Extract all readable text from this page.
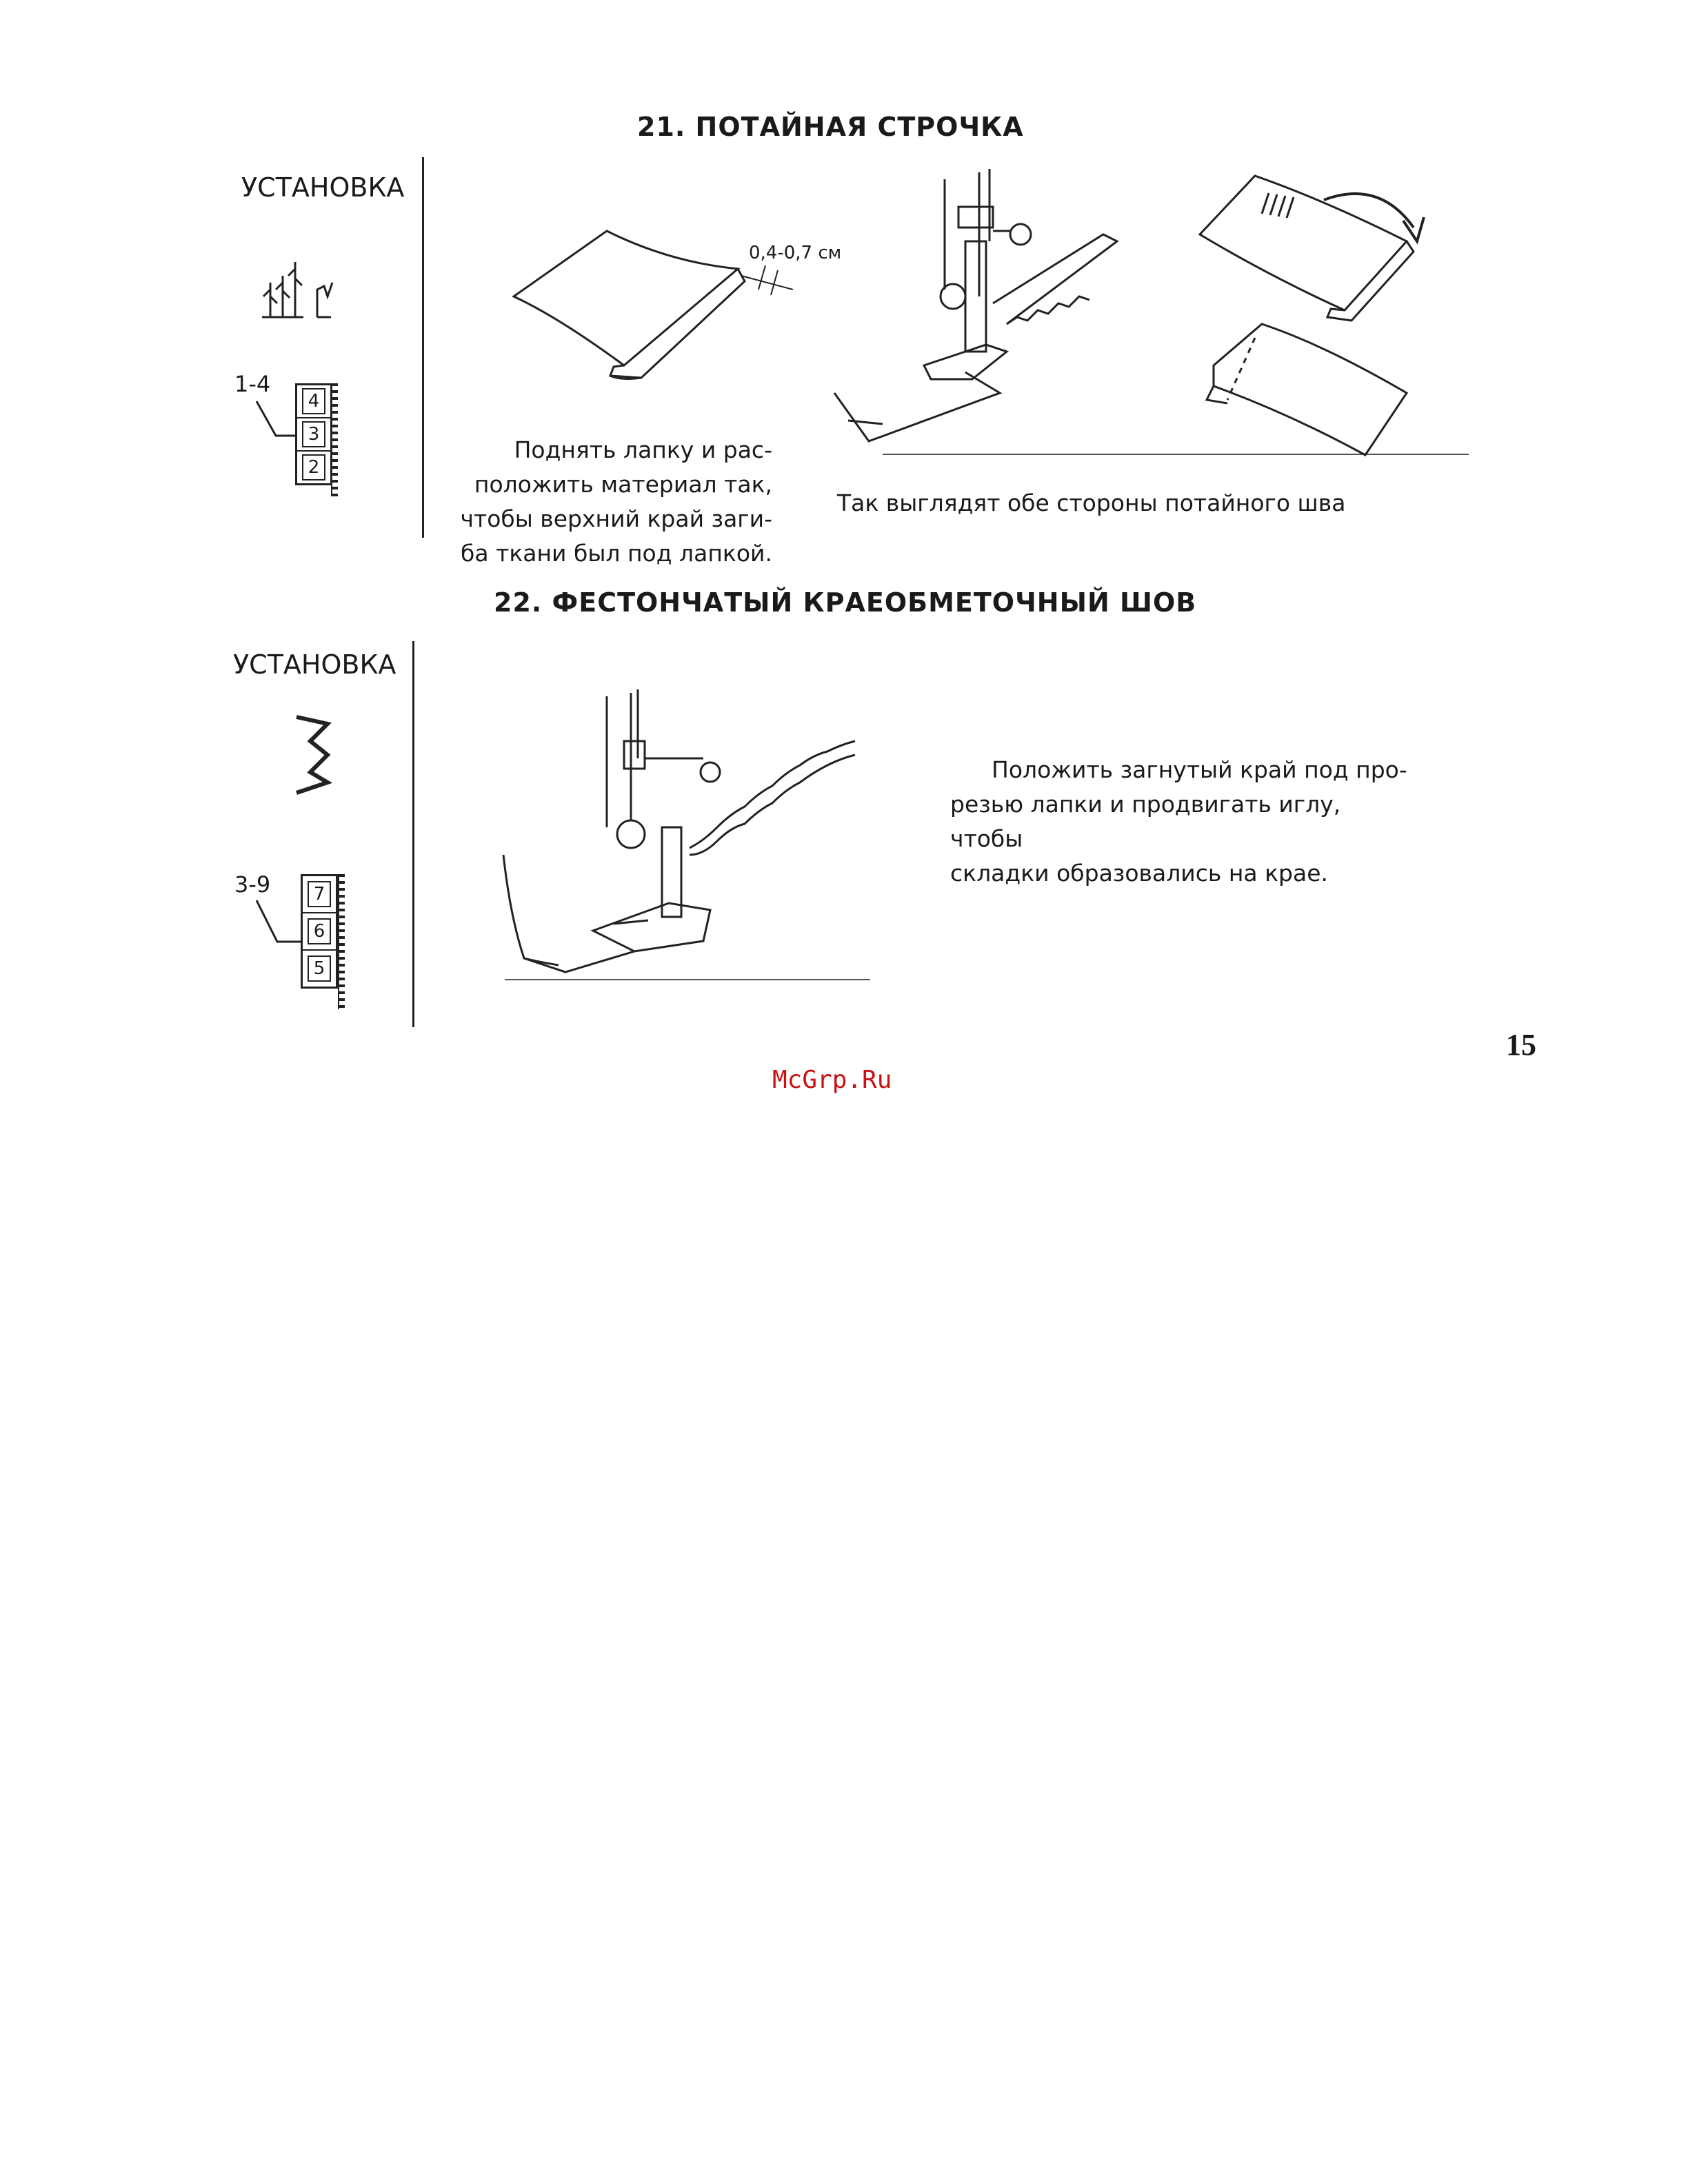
21. ПОТАЙНАЯ СТРОЧКА
УСТАНОВКА
1-4
4
3
2
0,4-0,7 см
Поднять лапку и рас-
положить материал так,
чтобы верхний край заги-
ба ткани был под лапкой.
Так выглядят обе стороны потайного шва
22. ФЕСТОНЧАТЫЙ КРАЕОБМЕТОЧНЫЙ ШОВ
УСТАНОВКА
3-9	7
6
5
Положить загнутый край под про-
резью лапки и продвигать иглу, чтобы
складки образовались на крае.
15
McGrp.Ru
